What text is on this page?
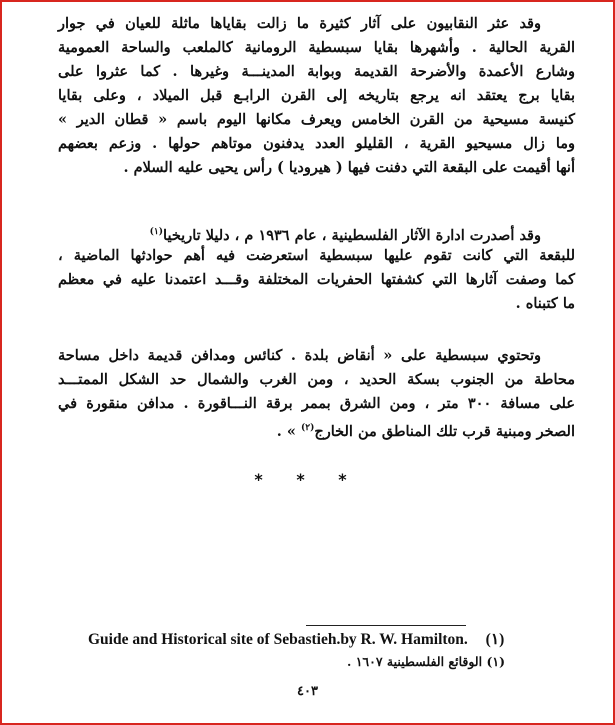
وقد عثر النقابيون على آثار كثيرة ما زالت بقاياها ماثلة للعيان في جوار
القرية الحالية . وأشهرها بقايا سبسطية الرومانية كالملعب والساحة العمومية
وشارع الأعمدة والأضرحة القديمة وبوابة المدينـــة وغيرها . كما عثروا على
بقايا برج يعتقد انه يرجع بتاريخه إلى القرن الرابـع قبل الميلاد ، وعلى بقايا
كنيسة مسيحية من القرن الخامس ويعرف مكانها اليوم باسم « قطان الدير »
وما زال مسيحيو القرية ، القليلو العدد يدفنون موتاهم حولها . وزعم بعضهم
أنها أقيمت على البقعة التي دفنت فيها ( هيروديا ) رأس يحيى عليه السلام .
وقد أصدرت ادارة الآثار الفلسطينية ، عام ١٩٣٦ م ، دليلا تاريخيا$^{(١)}$
للبقعة التي كانت تقوم عليها سبسطية استعرضت فيه أهم حوادثها الماضية ،
كما وصفت آثارها التي كشفتها الحفريات المختلفة وقـــد اعتمدنا عليه في معظم
ما كتبناه .
وتحتوي سبسطية على « أنقاض بلدة . كنائس ومدافن قديمة داخل مساحة
محاطة من الجنوب بسكة الحديد ، ومن الغرب والشمال حد الشكل الممتـــد
على مسافة ٣٠٠ متر ، ومن الشرق بممر برقة النـــاقورة . مدافن منقورة في
الصخر ومبنية قرب تلك المناطق من الخارج$^{(٢)}$ » .
* * *
Guide and Historical site of Sebastieh.by R. W. Hamilton. (١)
(١) الوقائع الفلسطينية ١٦٠٧ .
٤٠٣
